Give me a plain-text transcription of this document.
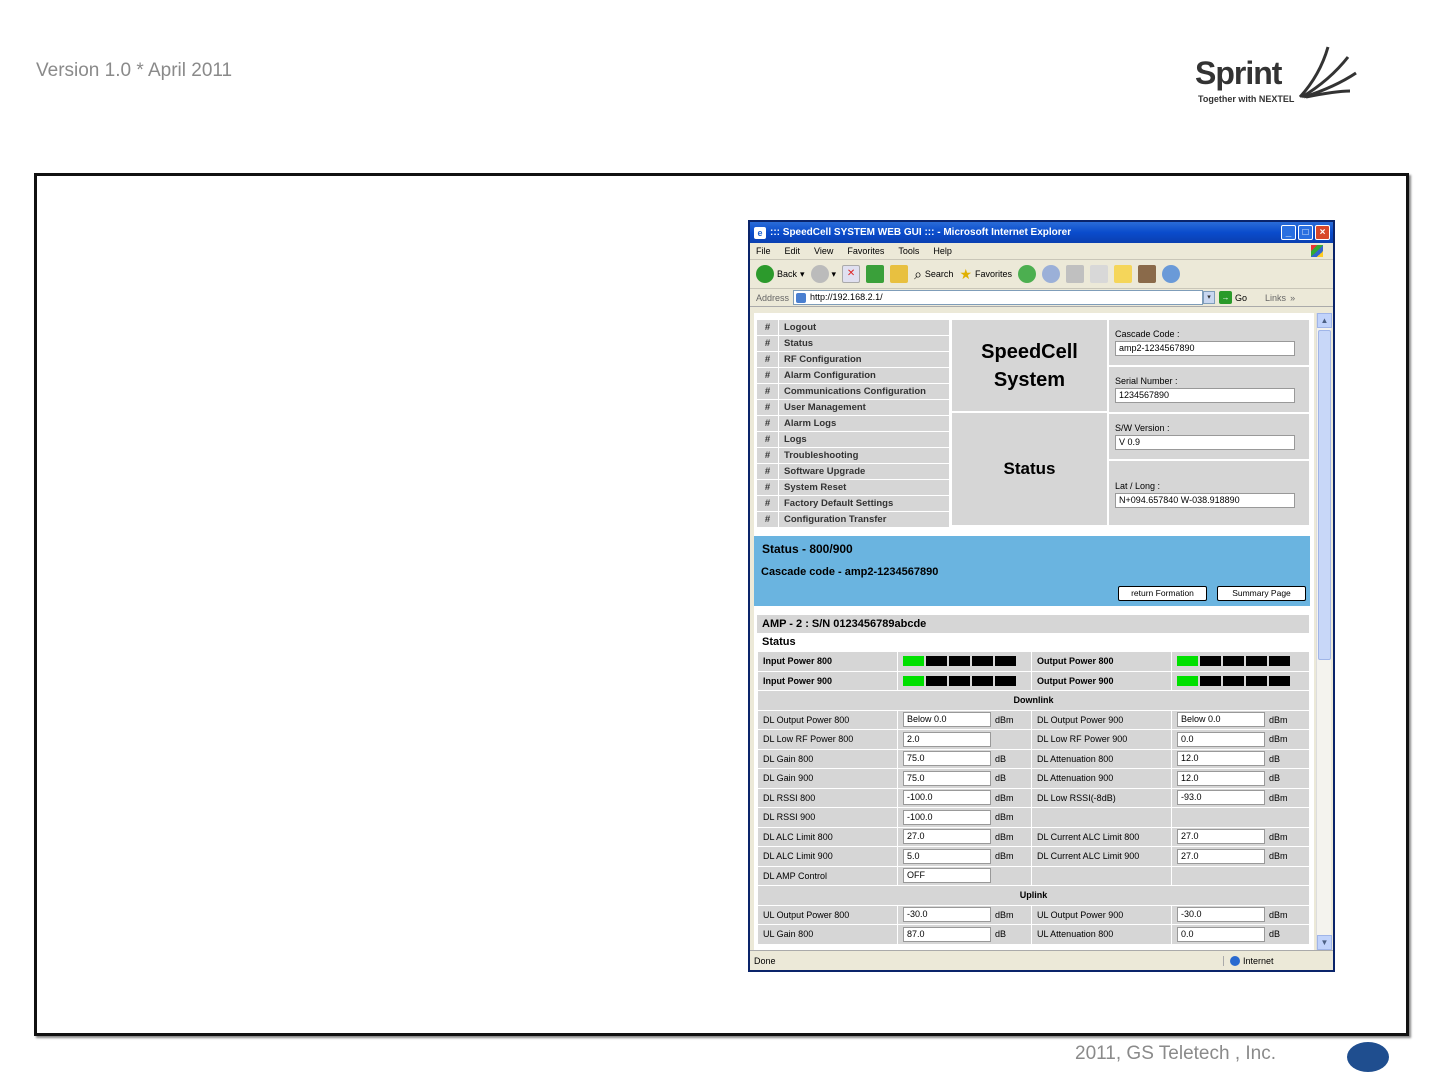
Version 1.0 * April 2011	Sprint
Together with NEXTEL
e ::: SpeedCell SYSTEM WEB GUI ::: - Microsoft Internet Explorer	_	□	×
File Edit View Favorites Tools Help
Back ▾	▾	✕	⌕ Search ★ Favorites
Address	http://192.168.2.1/	▾	→ Go Links »
#	Logout
#	Status
#	RF Configuration
#	Alarm Configuration
#	Communications Configuration
#	User Management
#	Alarm Logs
#	Logs
#	Troubleshooting
#	Software Upgrade
#	System Reset
#	Factory Default Settings
#	Configuration Transfer
SpeedCell
System
Status
Cascade Code :
amp2-1234567890
Serial Number :
1234567890
S/W Version :
V 0.9
Lat / Long :
N+094.657840 W-038.918890
Status - 800/900
Cascade code - amp2-1234567890
return Formation	Summary Page
AMP - 2 : S/N 0123456789abcde
Status
Input Power 800		Output Power 800	

Input Power 900		Output Power 900	

Downlink			
DL Output Power 800	Below 0.0 dBm	DL Output Power 900	Below 0.0 dBm
DL Low RF Power 800	2.0	DL Low RF Power 900	0.0 dBm
DL Gain 800	75.0 dB	DL Attenuation 800	12.0 dB
DL Gain 900	75.0 dB	DL Attenuation 900	12.0 dB
DL RSSI 800	-100.0 dBm	DL Low RSSI(-8dB)	-93.0 dBm
DL RSSI 900	-100.0 dBm		
DL ALC Limit 800	27.0 dBm	DL Current ALC Limit 800	27.0 dBm
DL ALC Limit 900	5.0 dBm	DL Current ALC Limit 900	27.0 dBm
DL AMP Control	OFF		
Uplink			
UL Output Power 800	-30.0 dBm	UL Output Power 900	-30.0 dBm
UL Gain 800	87.0 dB	UL Attenuation 800	0.0 dB
▲
▼
Done	Internet
2011, GS Teletech , Inc.
